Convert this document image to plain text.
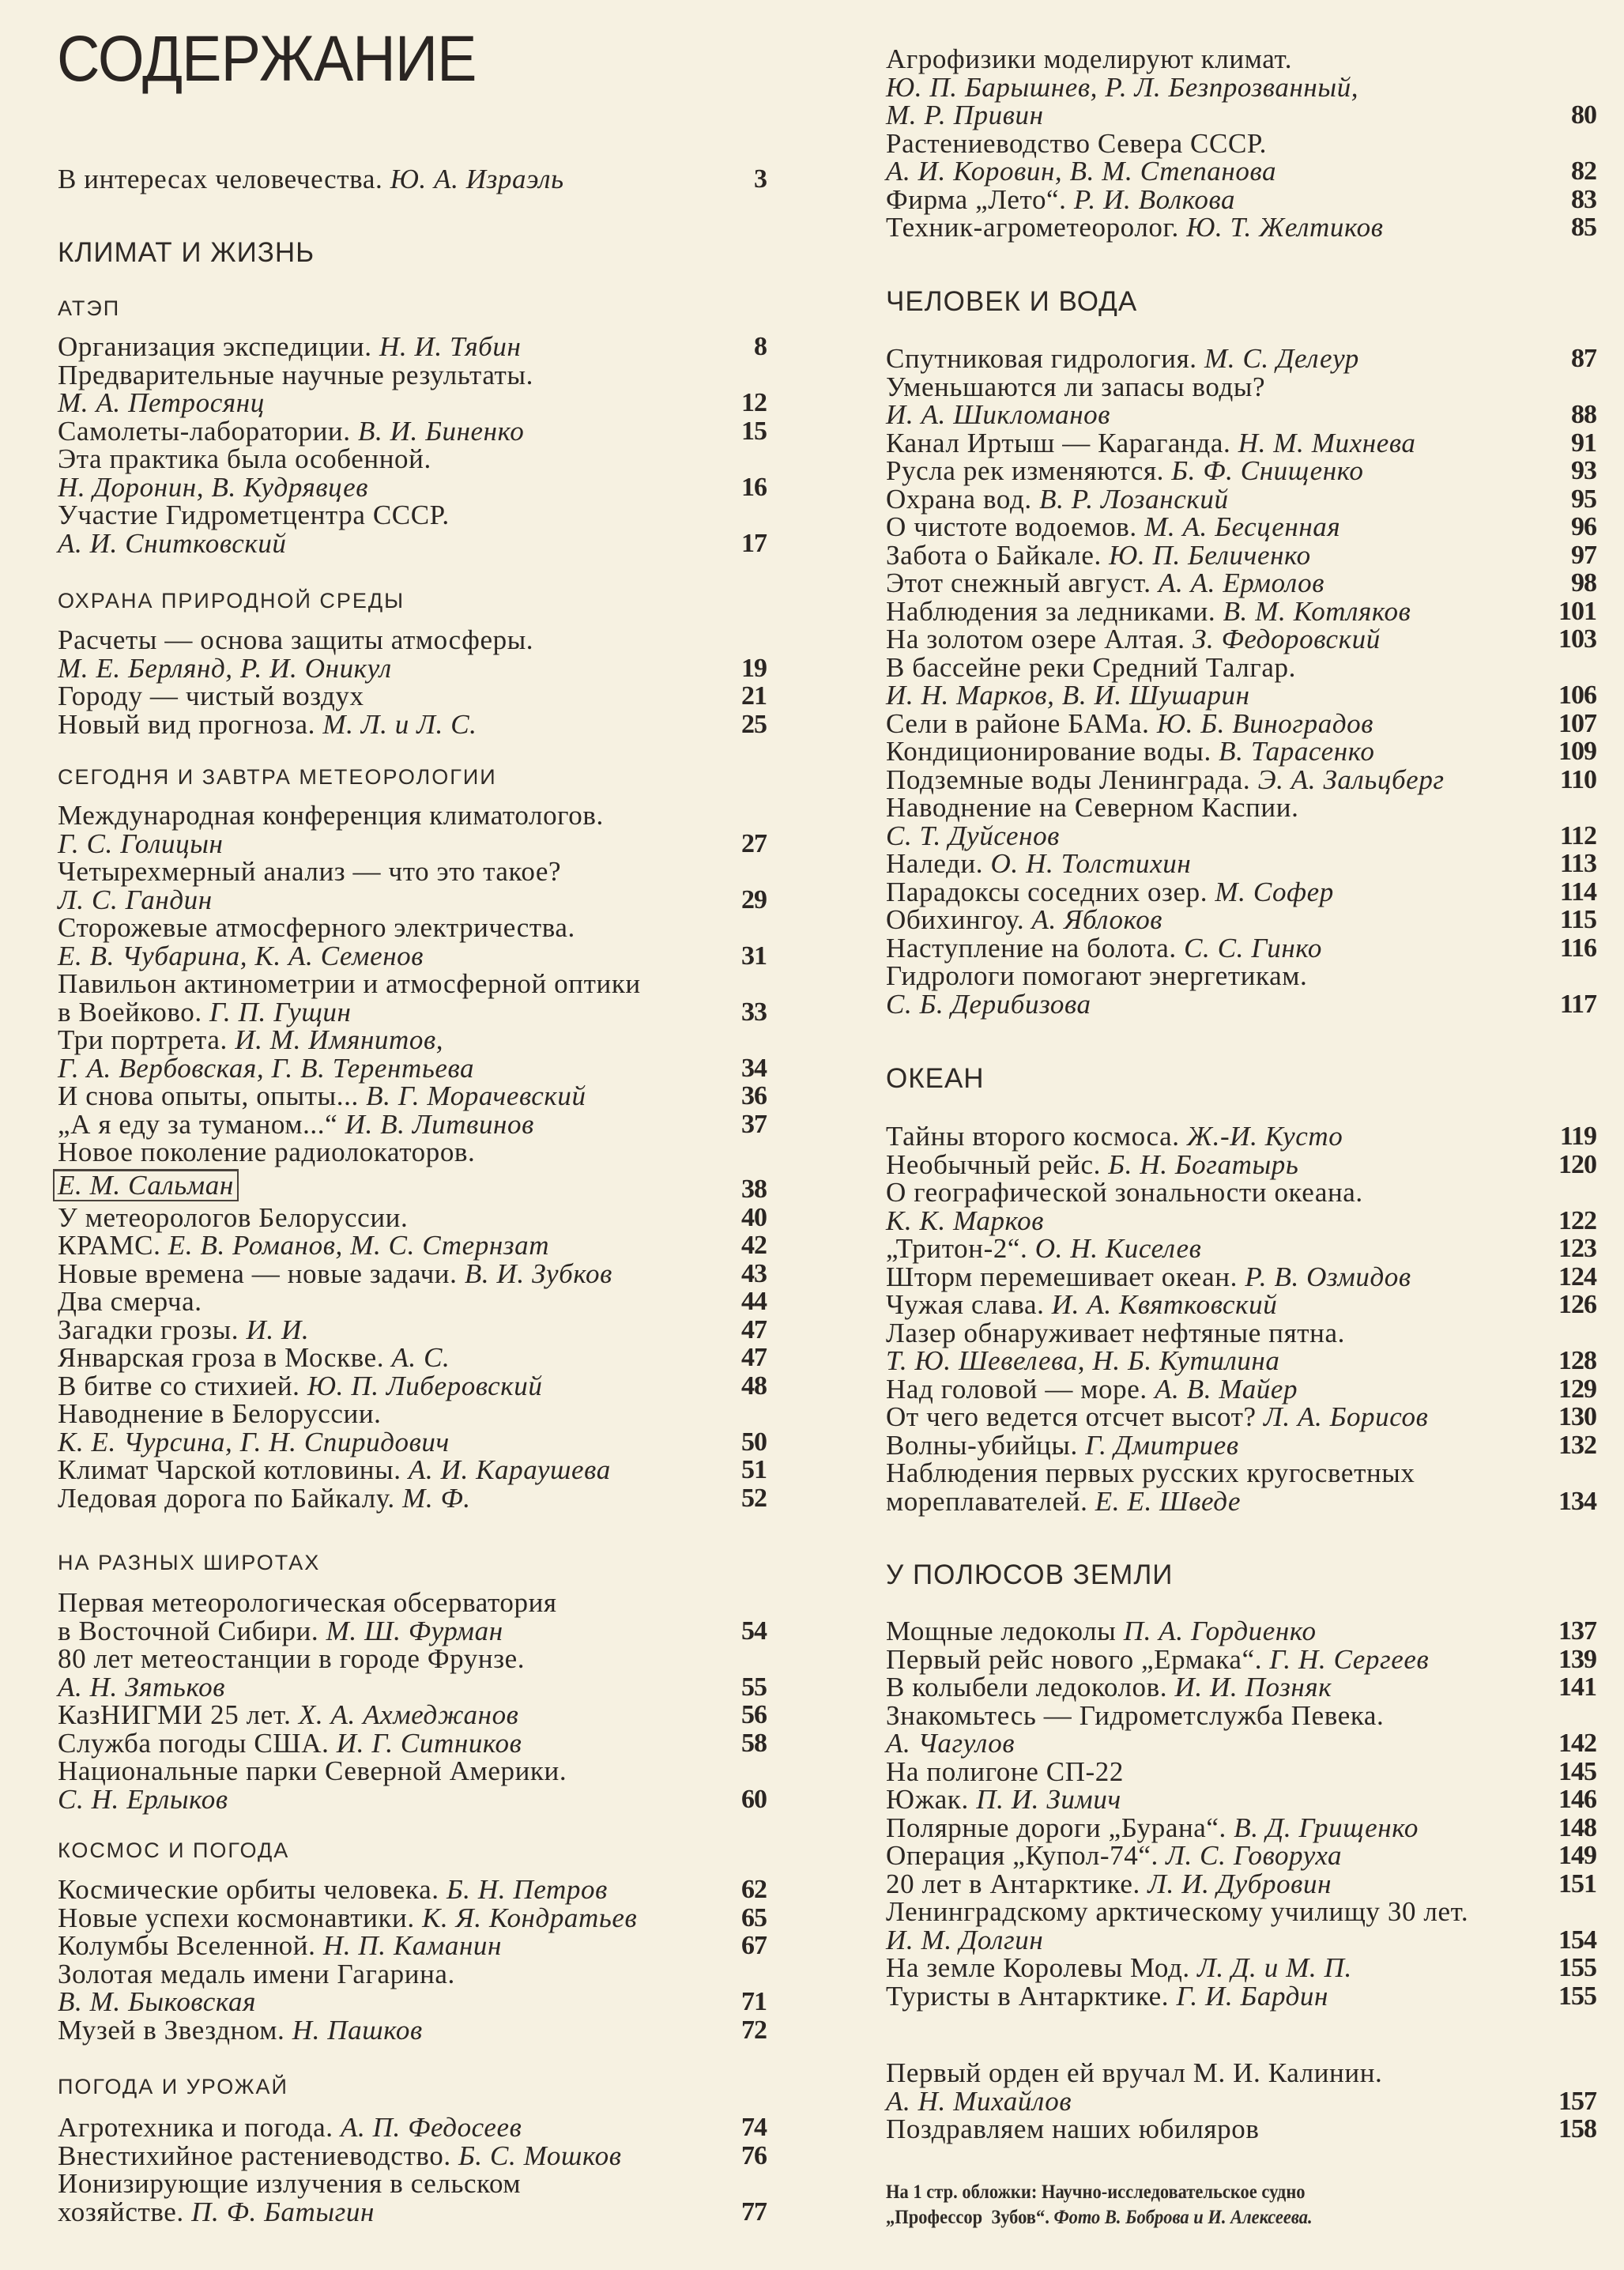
СОДЕРЖАНИЕ
В интересах человечества. Ю. А. Израэль	3
КЛИМАТ И ЖИЗНЬ
АТЭП
Организация экспедиции. Н. И. Тябин	8
Предварительные научные результаты.
М. А. Петросянц	12
Самолеты-лаборатории. В. И. Биненко	15
Эта практика была особенной.
Н. Доронин, В. Кудрявцев	16
Участие Гидрометцентра СССР.
А. И. Снитковский	17
ОХРАНА ПРИРОДНОЙ СРЕДЫ
Расчеты — основа защиты атмосферы.
М. Е. Берлянд, Р. И. Оникул	19
Городу — чистый воздух	21
Новый вид прогноза. М. Л. и Л. С.	25
СЕГОДНЯ И ЗАВТРА МЕТЕОРОЛОГИИ
Международная конференция климатологов.
Г. С. Голицын	27
Четырехмерный анализ — что это такое?
Л. С. Гандин	29
Сторожевые атмосферного электричества.
Е. В. Чубарина, К. А. Семенов	31
Павильон актинометрии и атмосферной оптики
в Воейково. Г. П. Гущин	33
Три портрета. И. М. Имянитов,
Г. А. Вербовская, Г. В. Терентьева	34
И снова опыты, опыты... В. Г. Морачевский	36
„А я еду за туманом...“ И. В. Литвинов	37
Новое поколение радиолокаторов.
Е. М. Сальман	38
У метеорологов Белоруссии.	40
КРАМС. Е. В. Романов, М. С. Стернзат	42
Новые времена — новые задачи. В. И. Зубков	43
Два смерча.	44
Загадки грозы. И. И.	47
Январская гроза в Москве. А. С.	47
В битве со стихией. Ю. П. Либеровский	48
Наводнение в Белоруссии.
К. Е. Чурсина, Г. Н. Спиридович	50
Климат Чарской котловины. А. И. Караушева	51
Ледовая дорога по Байкалу. М. Ф.	52
НА РАЗНЫХ ШИРОТАХ
Первая метеорологическая обсерватория
в Восточной Сибири. М. Ш. Фурман	54
80 лет метеостанции в городе Фрунзе.
А. Н. Зятьков	55
КазНИГМИ 25 лет. Х. А. Ахмеджанов	56
Служба погоды США. И. Г. Ситников	58
Национальные парки Северной Америки.
С. Н. Ерлыков	60
КОСМОС И ПОГОДА
Космические орбиты человека. Б. Н. Петров	62
Новые успехи космонавтики. К. Я. Кондратьев	65
Колумбы Вселенной. Н. П. Каманин	67
Золотая медаль имени Гагарина.
В. М. Быковская	71
Музей в Звездном. Н. Пашков	72
ПОГОДА И УРОЖАЙ
Агротехника и погода. А. П. Федосеев	74
Внестихийное растениеводство. Б. С. Мошков	76
Ионизирующие излучения в сельском
хозяйстве. П. Ф. Батыгин	77
Агрофизики моделируют климат.
Ю. П. Барышнев, Р. Л. Безпрозванный,
М. Р. Привин	80
Растениеводство Севера СССР.
А. И. Коровин, В. М. Степанова	82
Фирма „Лето“. Р. И. Волкова	83
Техник-агрометеоролог. Ю. Т. Желтиков	85
ЧЕЛОВЕК И ВОДА
Спутниковая гидрология. М. С. Делеур	87
Уменьшаются ли запасы воды?
И. А. Шикломанов	88
Канал Иртыш — Караганда. Н. М. Михнева	91
Русла рек изменяются. Б. Ф. Снищенко	93
Охрана вод. В. Р. Лозанский	95
О чистоте водоемов. М. А. Бесценная	96
Забота о Байкале. Ю. П. Беличенко	97
Этот снежный август. А. А. Ермолов	98
Наблюдения за ледниками. В. М. Котляков	101
На золотом озере Алтая. З. Федоровский	103
В бассейне реки Средний Талгар.
И. Н. Марков, В. И. Шушарин	106
Сели в районе БАМа. Ю. Б. Виноградов	107
Кондиционирование воды. В. Тарасенко	109
Подземные воды Ленинграда. Э. А. Зальцберг	110
Наводнение на Северном Каспии.
С. Т. Дуйсенов	112
Наледи. О. Н. Толстихин	113
Парадоксы соседних озер. М. Софер	114
Обихингоу. А. Яблоков	115
Наступление на болота. С. С. Гинко	116
Гидрологи помогают энергетикам.
С. Б. Дерибизова	117
ОКЕАН
Тайны второго космоса. Ж.-И. Кусто	119
Необычный рейс. Б. Н. Богатырь	120
О географической зональности океана.
К. К. Марков	122
„Тритон-2“. О. Н. Киселев	123
Шторм перемешивает океан. Р. В. Озмидов	124
Чужая слава. И. А. Квятковский	126
Лазер обнаруживает нефтяные пятна.
Т. Ю. Шевелева, Н. Б. Кутилина	128
Над головой — море. А. В. Майер	129
От чего ведется отсчет высот? Л. А. Борисов	130
Волны-убийцы. Г. Дмитриев	132
Наблюдения первых русских кругосветных
мореплавателей. Е. Е. Шведе	134
У ПОЛЮСОВ ЗЕМЛИ
Мощные ледоколы П. А. Гордиенко	137
Первый рейс нового „Ермака“. Г. Н. Сергеев	139
В колыбели ледоколов. И. И. Позняк	141
Знакомьтесь — Гидрометслужба Певека.
А. Чагулов	142
На полигоне СП-22	145
Южак. П. И. Зимич	146
Полярные дороги „Бурана“. В. Д. Грищенко	148
Операция „Купол-74“. Л. С. Говоруха	149
20 лет в Антарктике. Л. И. Дубровин	151
Ленинградскому арктическому училищу 30 лет.
И. М. Долгин	154
На земле Королевы Мод. Л. Д. и М. П.	155
Туристы в Антарктике. Г. И. Бардин	155
Первый орден ей вручал М. И. Калинин.
А. Н. Михайлов	157
Поздравляем наших юбиляров	158
На 1 стр. обложки: Научно-исследовательское судно
„Профессор  Зубов“. Фото В. Боброва и И. Алексеева.
